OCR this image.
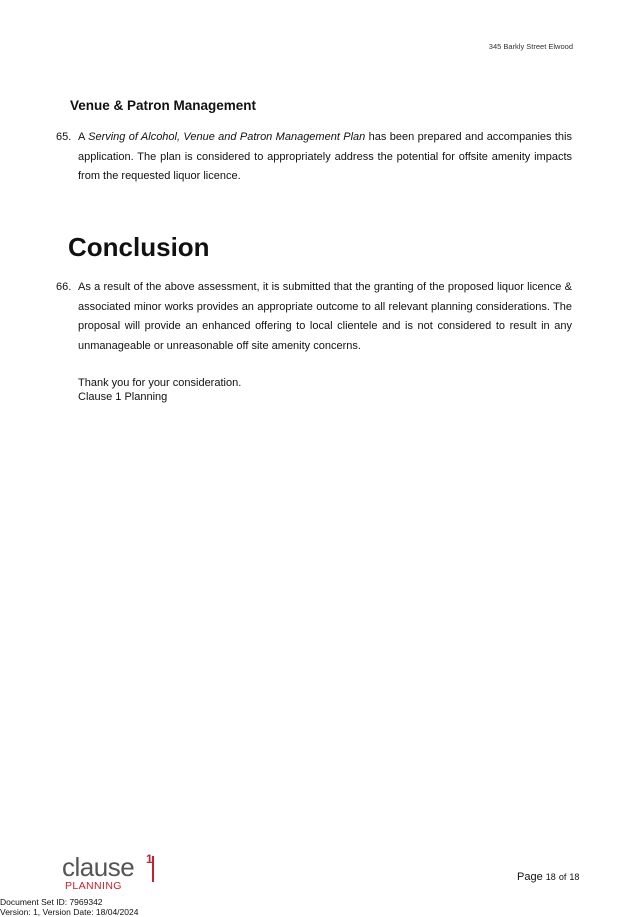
345 Barkly Street Elwood
Venue & Patron Management
65. A Serving of Alcohol, Venue and Patron Management Plan has been prepared and accompanies this application. The plan is considered to appropriately address the potential for offsite amenity impacts from the requested liquor licence.
Conclusion
66. As a result of the above assessment, it is submitted that the granting of the proposed liquor licence & associated minor works provides an appropriate outcome to all relevant planning considerations. The proposal will provide an enhanced offering to local clientele and is not considered to result in any unmanageable or unreasonable off site amenity concerns.
Thank you for your consideration.
Clause 1 Planning
clause 1
PLANNING
Page 18 of 18
Document Set ID: 7969342
Version: 1, Version Date: 18/04/2024
